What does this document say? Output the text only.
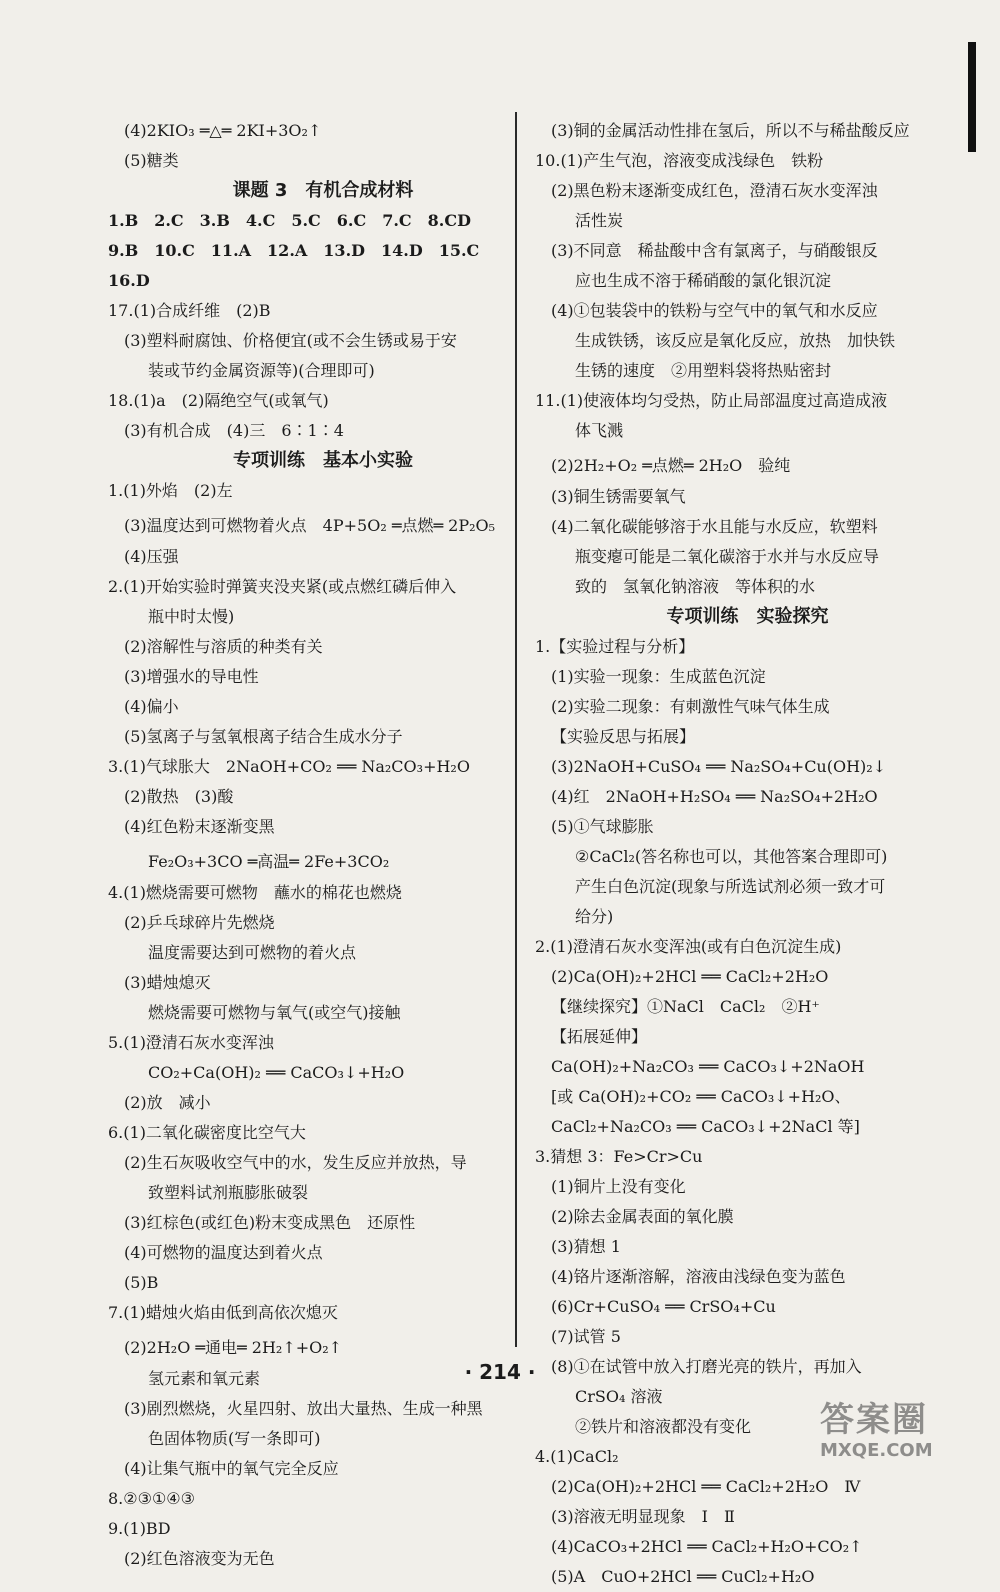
(4)2KIO₃ ═△═ 2KI+3O₂↑
(5)糖类
课题 3　有机合成材料
1.B　2.C　3.B　4.C　5.C　6.C　7.C　8.CD
9.B　10.C　11.A　12.A　13.D　14.D　15.C
16.D
17.(1)合成纤维　(2)B
(3)塑料耐腐蚀、价格便宜(或不会生锈或易于安
装或节约金属资源等)(合理即可)
18.(1)a　(2)隔绝空气(或氧气)
(3)有机合成　(4)三　6∶1∶4
专项训练　基本小实验
1.(1)外焰　(2)左
(3)温度达到可燃物着火点　4P+5O₂ ═点燃═ 2P₂O₅
(4)压强
2.(1)开始实验时弹簧夹没夹紧(或点燃红磷后伸入
瓶中时太慢)
(2)溶解性与溶质的种类有关
(3)增强水的导电性
(4)偏小
(5)氢离子与氢氧根离子结合生成水分子
3.(1)气球胀大　2NaOH+CO₂ ══ Na₂CO₃+H₂O
(2)散热　(3)酸
(4)红色粉末逐渐变黑
Fe₂O₃+3CO ═高温═ 2Fe+3CO₂
4.(1)燃烧需要可燃物　蘸水的棉花也燃烧
(2)乒乓球碎片先燃烧
温度需要达到可燃物的着火点
(3)蜡烛熄灭
燃烧需要可燃物与氧气(或空气)接触
5.(1)澄清石灰水变浑浊
CO₂+Ca(OH)₂ ══ CaCO₃↓+H₂O
(2)放　减小
6.(1)二氧化碳密度比空气大
(2)生石灰吸收空气中的水，发生反应并放热，导
致塑料试剂瓶膨胀破裂
(3)红棕色(或红色)粉末变成黑色　还原性
(4)可燃物的温度达到着火点
(5)B
7.(1)蜡烛火焰由低到高依次熄灭
(2)2H₂O ═通电═ 2H₂↑+O₂↑
氢元素和氧元素
(3)剧烈燃烧，火星四射、放出大量热、生成一种黑
色固体物质(写一条即可)
(4)让集气瓶中的氧气完全反应
8.②③①④③
9.(1)BD
(2)红色溶液变为无色
(3)铜的金属活动性排在氢后，所以不与稀盐酸反应
10.(1)产生气泡，溶液变成浅绿色　铁粉
(2)黑色粉末逐渐变成红色，澄清石灰水变浑浊
活性炭
(3)不同意　稀盐酸中含有氯离子，与硝酸银反
应也生成不溶于稀硝酸的氯化银沉淀
(4)①包装袋中的铁粉与空气中的氧气和水反应
生成铁锈，该反应是氧化反应，放热　加快铁
生锈的速度　②用塑料袋将热贴密封
11.(1)使液体均匀受热，防止局部温度过高造成液
体飞溅
(2)2H₂+O₂ ═点燃═ 2H₂O　验纯
(3)铜生锈需要氧气
(4)二氧化碳能够溶于水且能与水反应，软塑料
瓶变瘪可能是二氧化碳溶于水并与水反应导
致的　氢氧化钠溶液　等体积的水
专项训练　实验探究
1.【实验过程与分析】
(1)实验一现象：生成蓝色沉淀
(2)实验二现象：有刺激性气味气体生成
【实验反思与拓展】
(3)2NaOH+CuSO₄ ══ Na₂SO₄+Cu(OH)₂↓
(4)红　2NaOH+H₂SO₄ ══ Na₂SO₄+2H₂O
(5)①气球膨胀
②CaCl₂(答名称也可以，其他答案合理即可)
产生白色沉淀(现象与所选试剂必须一致才可
给分)
2.(1)澄清石灰水变浑浊(或有白色沉淀生成)
(2)Ca(OH)₂+2HCl ══ CaCl₂+2H₂O
【继续探究】①NaCl　CaCl₂　②H⁺
【拓展延伸】
Ca(OH)₂+Na₂CO₃ ══ CaCO₃↓+2NaOH
[或 Ca(OH)₂+CO₂ ══ CaCO₃↓+H₂O、
CaCl₂+Na₂CO₃ ══ CaCO₃↓+2NaCl 等]
3.猜想 3：Fe>Cr>Cu
(1)铜片上没有变化
(2)除去金属表面的氧化膜
(3)猜想 1
(4)铬片逐渐溶解，溶液由浅绿色变为蓝色
(6)Cr+CuSO₄ ══ CrSO₄+Cu
(7)试管 5
(8)①在试管中放入打磨光亮的铁片，再加入
CrSO₄ 溶液
②铁片和溶液都没有变化
4.(1)CaCl₂
(2)Ca(OH)₂+2HCl ══ CaCl₂+2H₂O　Ⅳ
(3)溶液无明显现象　Ⅰ　Ⅱ
(4)CaCO₃+2HCl ══ CaCl₂+H₂O+CO₂↑
(5)A　CuO+2HCl ══ CuCl₂+H₂O
· 214 ·
答案圈
MXQE.COM
